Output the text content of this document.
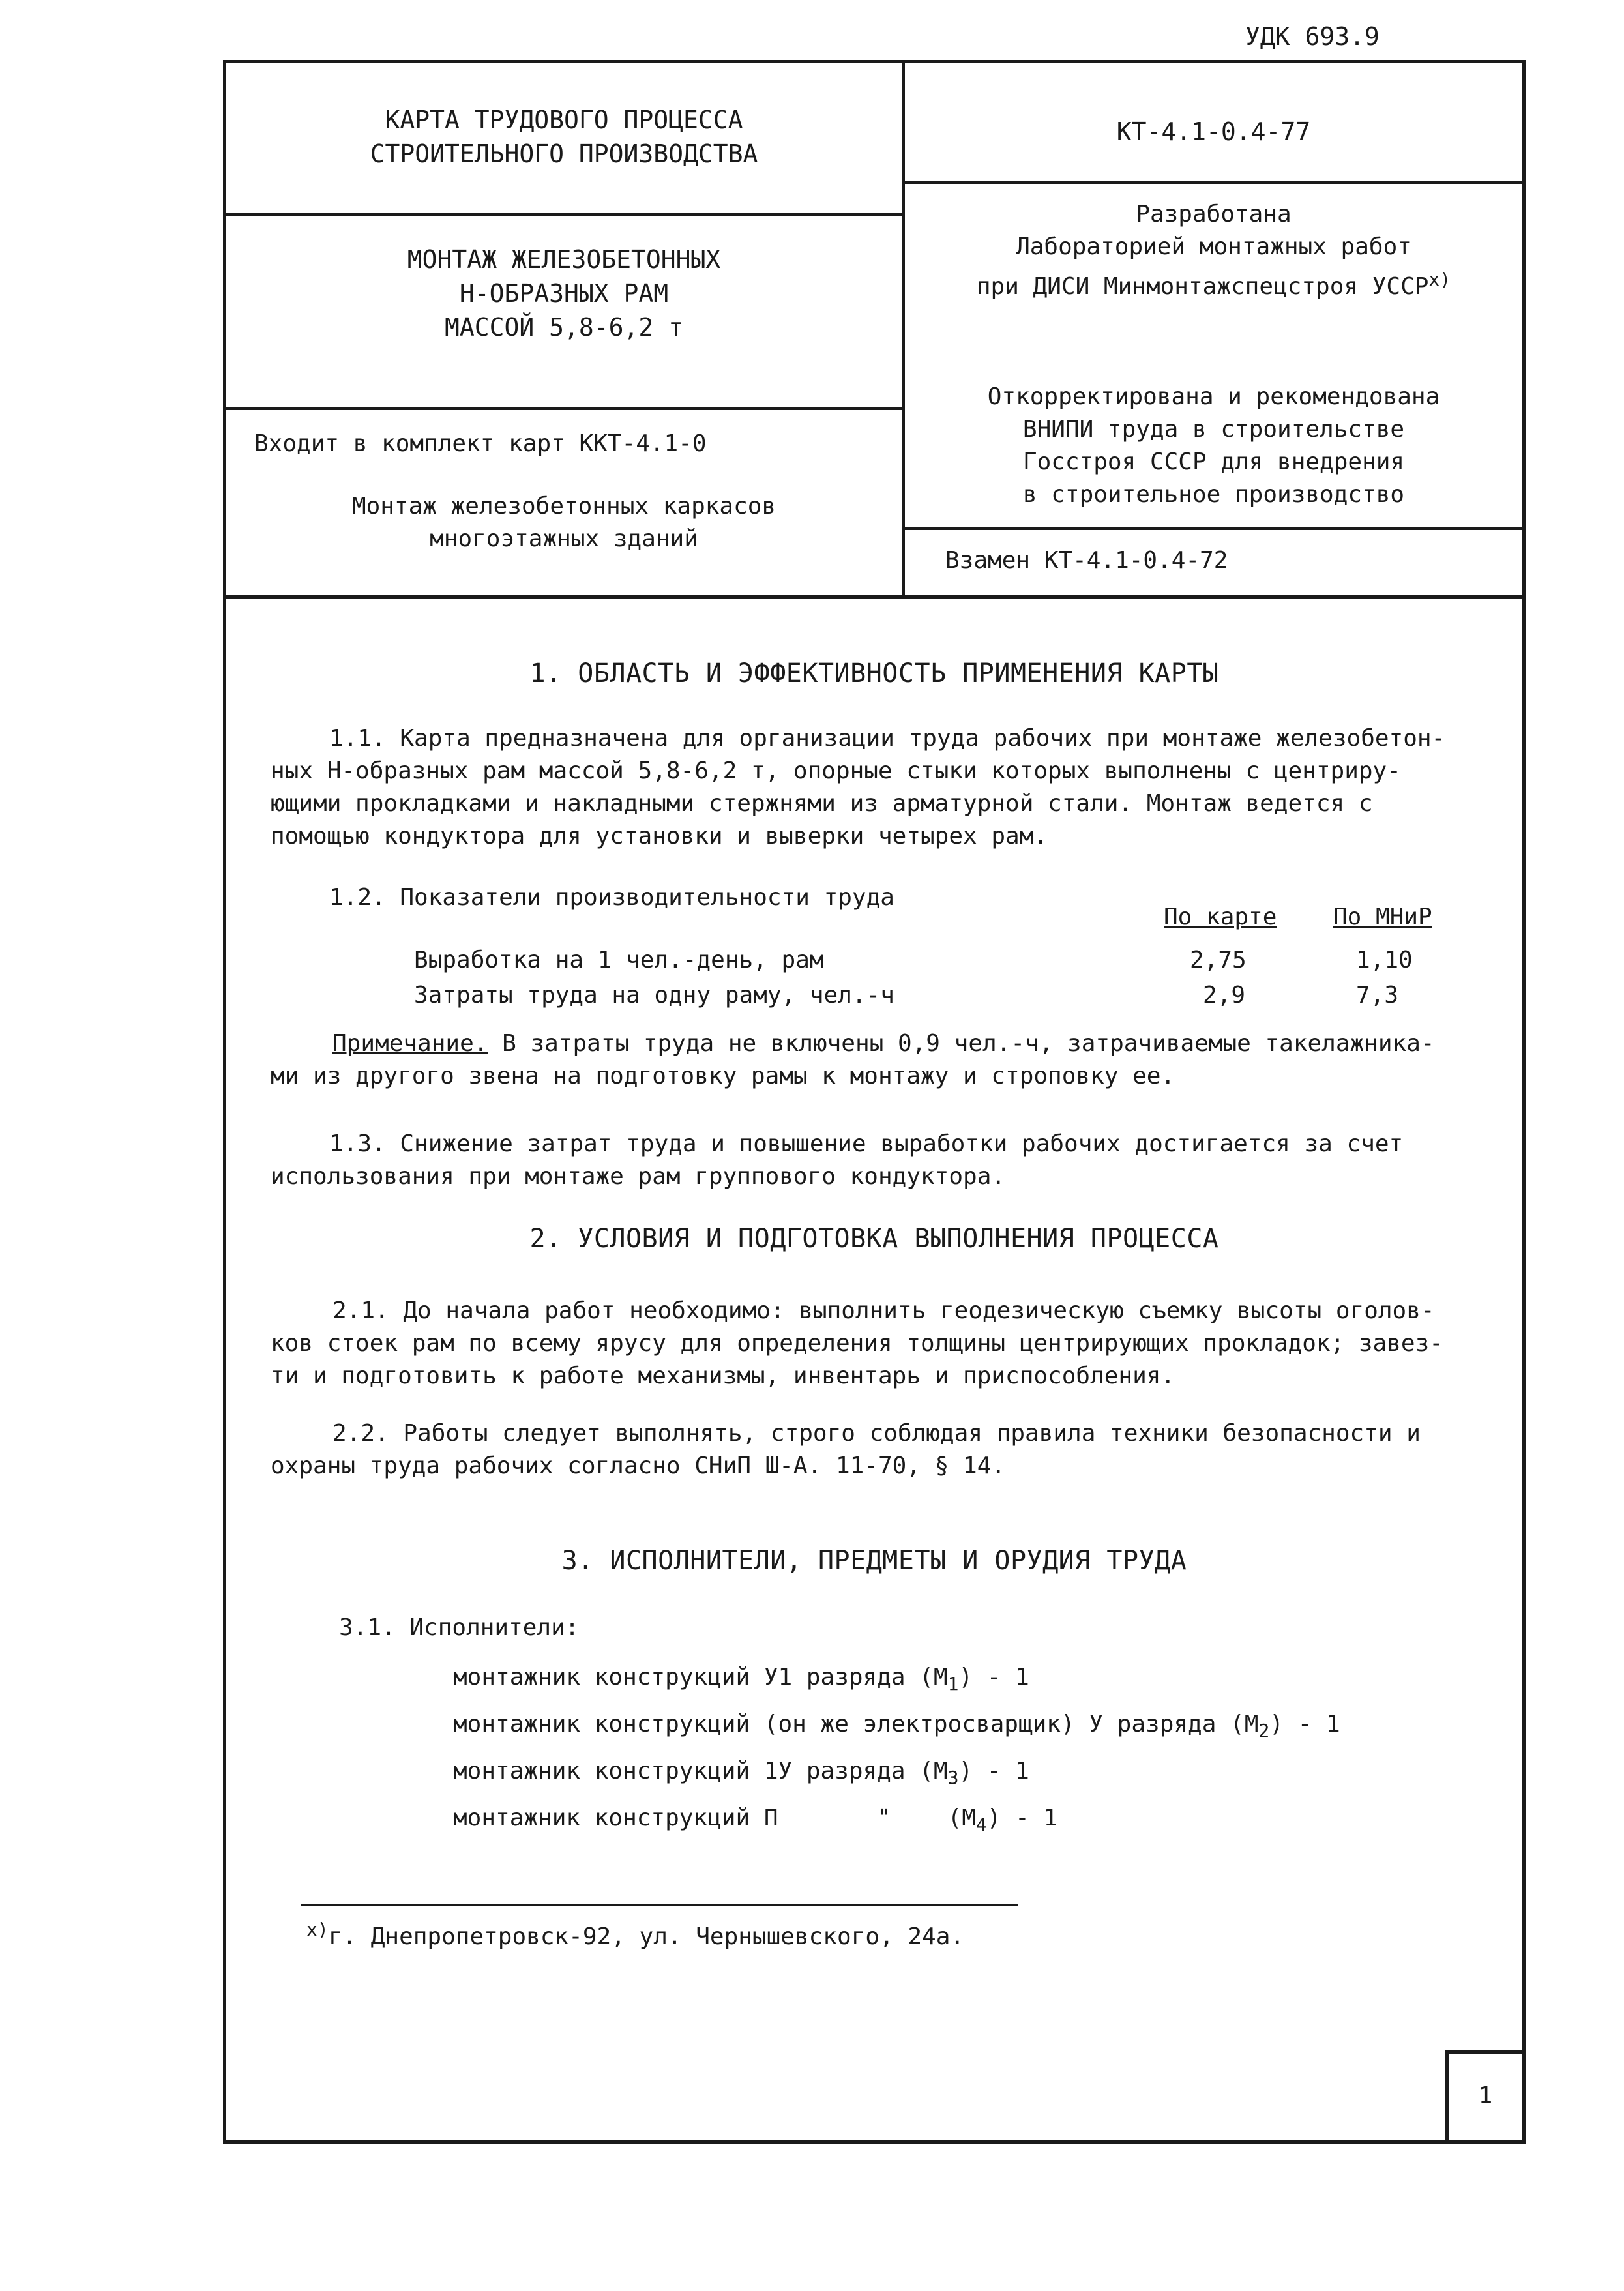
УДК 693.9
КАРТА ТРУДОВОГО ПРОЦЕССА
СТРОИТЕЛЬНОГО ПРОИЗВОДСТВА
МОНТАЖ ЖЕЛЕЗОБЕТОННЫХ
Н-ОБРАЗНЫХ РАМ
МАССОЙ 5,8-6,2 т
Входит в комплект карт ККТ-4.1-0
Монтаж железобетонных каркасов
многоэтажных зданий
КТ-4.1-0.4-77
Разработана
Лабораторией монтажных работ
при ДИСИ Минмонтажспецстроя $УССР^{х)}$
Откорректирована и рекомендована
ВНИПИ труда в строительстве
Госстроя СССР для внедрения
в строительное производство
Взамен КТ-4.1-0.4-72
1. ОБЛАСТЬ И ЭФФЕКТИВНОСТЬ ПРИМЕНЕНИЯ КАРТЫ
1.1. Карта предназначена для организации труда рабочих при монтаже железобетон-
ных Н-образных рам массой 5,8-6,2 т, опорные стыки которых выполнены с центриру-
ющими прокладками и накладными стержнями из арматурной стали. Монтаж ведется с
помощью кондуктора для установки и выверки четырех рам.
1.2. Показатели производительности труда
По карте По МНиР
Выработка на 1 чел.-день, рам	2,75	1,10
Затраты труда на одну раму, чел.-ч	2,9	7,3
Примечание. В затраты труда не включены 0,9 чел.-ч, затрачиваемые такелажника-
ми из другого звена на подготовку рамы к монтажу и строповку ее.
1.3. Снижение затрат труда и повышение выработки рабочих достигается за счет
использования при монтаже рам группового кондуктора.
2. УСЛОВИЯ И ПОДГОТОВКА ВЫПОЛНЕНИЯ ПРОЦЕССА
2.1. До начала работ необходимо: выполнить геодезическую съемку высоты оголов-
ков стоек рам по всему ярусу для определения толщины центрирующих прокладок; завез-
ти и подготовить к работе механизмы, инвентарь и приспособления.
2.2. Работы следует выполнять, строго соблюдая правила техники безопасности и
охраны труда рабочих согласно СНиП Ш-А. 11-70, § 14.
3. ИСПОЛНИТЕЛИ, ПРЕДМЕТЫ И ОРУДИЯ ТРУДА
3.1. Исполнители:
монтажник конструкций У1 разряда $(М_1) - 1$
монтажник конструкций (он же электросварщик) У разряда $(М_2) - 1$
монтажник конструкций 1У разряда $(М_3) - 1$
монтажник конструкций П       "    $(М_4) - 1$
$^{х)}$г. Днепропетровск-92, ул. Чернышевского, 24а.
1
